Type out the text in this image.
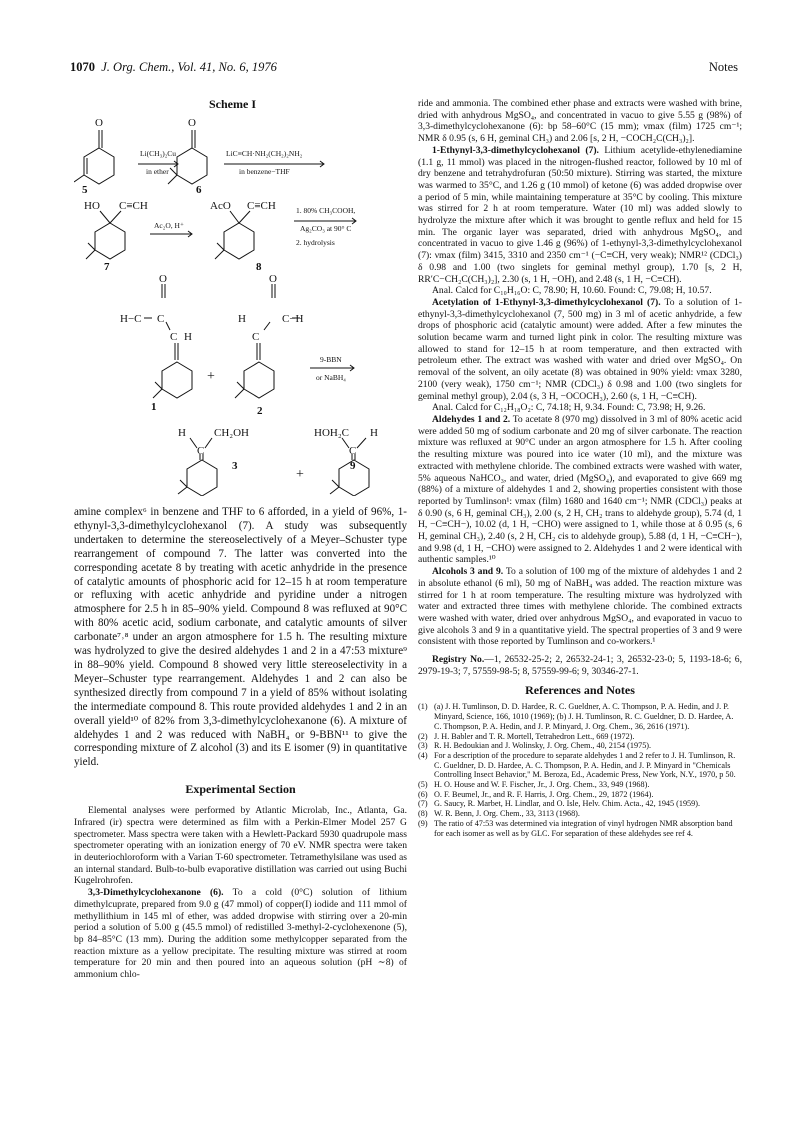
1070 J. Org. Chem., Vol. 41, No. 6, 1976	Notes
Scheme I
O	O
Li(CH₃)₂Cu
in ether
LiC≡CH·NH₂(CH₂)₂NH₂
in benzene−THF
5	6
HO C≡CH
Ac₂O, H⁺
AcO C≡CH	1. 80% CH₃COOH,
Ag₂CO₃ at 90° C
2. hydrolysis
7	8
O	O
H−C C
C H
H	C−H
C
+
9-BBN
or NaBH₄
1	2
H	CH₂OH
C
+
HOH₂C H
C
3	9

amine complex⁶ in benzene and THF to 6 afforded, in a yield of 96%, 1-ethynyl-3,3-dimethylcyclohexanol (7). A study was subsequently undertaken to determine the stereoselectively of a Meyer–Schuster type rearrangement of compound 7. The latter was converted into the corresponding acetate 8 by treating with acetic anhydride in the presence of catalytic amounts of phosphoric acid for 12–15 h at room temperature or refluxing with acetic anhydride and pyridine under a nitrogen atmosphere for 2.5 h in 85–90% yield. Compound 8 was refluxed at 90°C with 80% acetic acid, sodium carbonate, and catalytic amounts of silver carbonate⁷˒⁸ under an argon atmosphere for 1.5 h. The resulting mixture was hydrolyzed to give the desired aldehydes 1 and 2 in a 47:53 mixture⁹ in 88–90% yield. Compound 8 showed very little stereoselectivity in a Meyer–Schuster type rearrangement. Aldehydes 1 and 2 can also be synthesized directly from compound 7 in a yield of 85% without isolating the intermediate compound 8. This route provided aldehydes 1 and 2 in an overall yield¹⁰ of 82% from 3,3-dimethylcyclohexanone (6). A mixture of aldehydes 1 and 2 was reduced with NaBH₄ or 9-BBN¹¹ to give the corresponding mixture of Z alcohol (3) and its E isomer (9) in quantitative yield.

Experimental Section

Elemental analyses were performed by Atlantic Microlab, Inc., Atlanta, Ga. Infrared (ir) spectra were determined as film with a Perkin-Elmer Model 257 G spectrometer. Mass spectra were taken with a Hewlett-Packard 5930 quadrupole mass spectrometer operating with an ionization energy of 70 eV. NMR spectra were taken in deuteriochloroform with a Varian T-60 spectrometer. Tetramethylsilane was used as an internal standard. Bulb-to-bulb evaporative distillation was carried out using Buchi Kugelrohrofen.

3,3-Dimethylcyclohexanone (6). To a cold (0°C) solution of lithium dimethylcuprate, prepared from 9.0 g (47 mmol) of copper(I) iodide and 111 mmol of methyllithium in 145 ml of ether, was added dropwise with stirring over a 20-min period a solution of 5.00 g (45.5 mmol) of redistilled 3-methyl-2-cyclohexenone (5), bp 84–85°C (13 mm). During the addition some methylcopper separated from the reaction mixture as a yellow precipitate. The resulting mixture was stirred at room temperature for 20 min and then poured into an aqueous solution (pH ∼8) of ammonium chlo-

ride and ammonia. The combined ether phase and extracts were washed with brine, dried with anhydrous MgSO₄, and concentrated in vacuo to give 5.55 g (98%) of 3,3-dimethylcyclohexanone (6): bp 58–60°C (15 mm); νmax (film) 1725 cm⁻¹; NMR δ 0.95 (s, 6 H, geminal CH₃) and 2.06 [s, 2 H, −COCH₂C(CH₃)₂].

1-Ethynyl-3,3-dimethylcyclohexanol (7). Lithium acetylide-ethylenediamine (1.1 g, 11 mmol) was placed in the nitrogen-flushed reactor, followed by 10 ml of dry benzene and tetrahydrofuran (50:50 mixture). Stirring was started, the mixture was warmed to 35°C, and 1.26 g (10 mmol) of ketone (6) was added dropwise over a period of 5 min, while maintaining temperature at 35°C by cooling. This mixture was stirred for 2 h at room temperature. Water (10 ml) was added slowly to hydrolyze the mixture after which it was brought to gentle reflux and held for 15 min. The organic layer was separated, dried with anhydrous MgSO₄, and concentrated in vacuo to give 1.46 g (96%) of 1-ethynyl-3,3-dimethylcyclohexanol (7): νmax (film) 3415, 3310 and 2350 cm⁻¹ (−C≡CH, very weak); NMR¹² (CDCl₃) δ 0.98 and 1.00 (two singlets for geminal methyl group), 1.70 [s, 2 H, RR′C−CH₂C(CH₃)₂], 2.30 (s, 1 H, −OH), and 2.48 (s, 1 H, −C≡CH).

Anal. Calcd for C₁₀H₁₆O: C, 78.90; H, 10.60. Found: C, 79.08; H, 10.57.

Acetylation of 1-Ethynyl-3,3-dimethylcyclohexanol (7). To a solution of 1-ethynyl-3,3-dimethylcyclohexanol (7, 500 mg) in 3 ml of acetic anhydride, a few drops of phosphoric acid (catalytic amount) were added. After a few minutes the solution became warm and turned light pink in color. The resulting mixture was allowed to stand for 12–15 h at room temperature, and then extracted with petroleum ether. The extract was washed with water and dried over MgSO₄. On removal of the solvent, an oily acetate (8) was obtained in 90% yield: νmax 3280, 2100 (very weak), 1750 cm⁻¹; NMR (CDCl₃) δ 0.98 and 1.00 (two singlets for geminal methyl group), 2.04 (s, 3 H, −OCOCH₃), 2.60 (s, 1 H, −C≡CH).

Anal. Calcd for C₁₂H₁₈O₂: C, 74.18; H, 9.34. Found: C, 73.98; H, 9.26.

Aldehydes 1 and 2. To acetate 8 (970 mg) dissolved in 3 ml of 80% acetic acid were added 50 mg of sodium carbonate and 20 mg of silver carbonate. The reaction mixture was refluxed at 90°C under an argon atmosphere for 1.5 h. After cooling the resulting mixture was poured into ice water (10 ml), and the mixture was extracted with methylene chloride. The combined extracts were washed with water, 5% aqueous NaHCO₃, and water, dried (MgSO₄), and evaporated to give 669 mg (88%) of a mixture of aldehydes 1 and 2, showing properties consistent with those reported by Tumlinson¹: νmax (film) 1680 and 1640 cm⁻¹; NMR (CDCl₃) peaks at δ 0.90 (s, 6 H, geminal CH₃), 2.00 (s, 2 H, CH₂ trans to aldehyde group), 5.74 (d, 1 H, −C≡CH−), 10.02 (d, 1 H, −CHO) were assigned to 1, while those at δ 0.95 (s, 6 H, geminal CH₃), 2.40 (s, 2 H, CH₂ cis to aldehyde group), 5.88 (d, 1 H, −C≡CH−), and 9.98 (d, 1 H, −CHO) were assigned to 2. Aldehydes 1 and 2 were identical with authentic samples.¹⁰

Alcohols 3 and 9. To a solution of 100 mg of the mixture of aldehydes 1 and 2 in absolute ethanol (6 ml), 50 mg of NaBH₄ was added. The reaction mixture was stirred for 1 h at room temperature. The resulting mixture was hydrolyzed with water and extracted three times with methylene chloride. The combined extracts were washed with water, dried over anhydrous MgSO₄, and evaporated in vacuo to give alcohols 3 and 9 in a quantitative yield. The spectral properties of 3 and 9 were consistent with those reported by Tumlinson and co-workers.¹

Registry No.—1, 26532-25-2; 2, 26532-24-1; 3, 26532-23-0; 5, 1193-18-6; 6, 2979-19-3; 7, 57559-98-5; 8, 57559-99-6; 9, 30346-27-1.

References and Notes
(1) (a) J. H. Tumlinson, D. D. Hardee, R. C. Gueldner, A. C. Thompson, P. A. Hedin, and J. P. Minyard, Science, 166, 1010 (1969); (b) J. H. Tumlinson, R. C. Gueldner, D. D. Hardee, A. C. Thompson, P. A. Hedin, and J. P. Minyard, J. Org. Chem., 36, 2616 (1971).
(2) J. H. Babler and T. R. Mortell, Tetrahedron Lett., 669 (1972).
(3) R. H. Bedoukian and J. Wolinsky, J. Org. Chem., 40, 2154 (1975).
(4) For a description of the procedure to separate aldehydes 1 and 2 refer to J. H. Tumlinson, R. C. Gueldner, D. D. Hardee, A. C. Thompson, P. A. Hedin, and J. P. Minyard in "Chemicals Controlling Insect Behavior," M. Beroza, Ed., Academic Press, New York, N.Y., 1970, p 50.
(5) H. O. House and W. F. Fischer, Jr., J. Org. Chem., 33, 949 (1968).
(6) O. F. Beumel, Jr., and R. F. Harris, J. Org. Chem., 29, 1872 (1964).
(7) G. Saucy, R. Marbet, H. Lindlar, and O. Isle, Helv. Chim. Acta., 42, 1945 (1959).
(8) W. R. Benn, J. Org. Chem., 33, 3113 (1968).
(9) The ratio of 47:53 was determined via integration of vinyl hydrogen NMR absorption band for each isomer as well as by GLC. For separation of these aldehydes see ref 4.
